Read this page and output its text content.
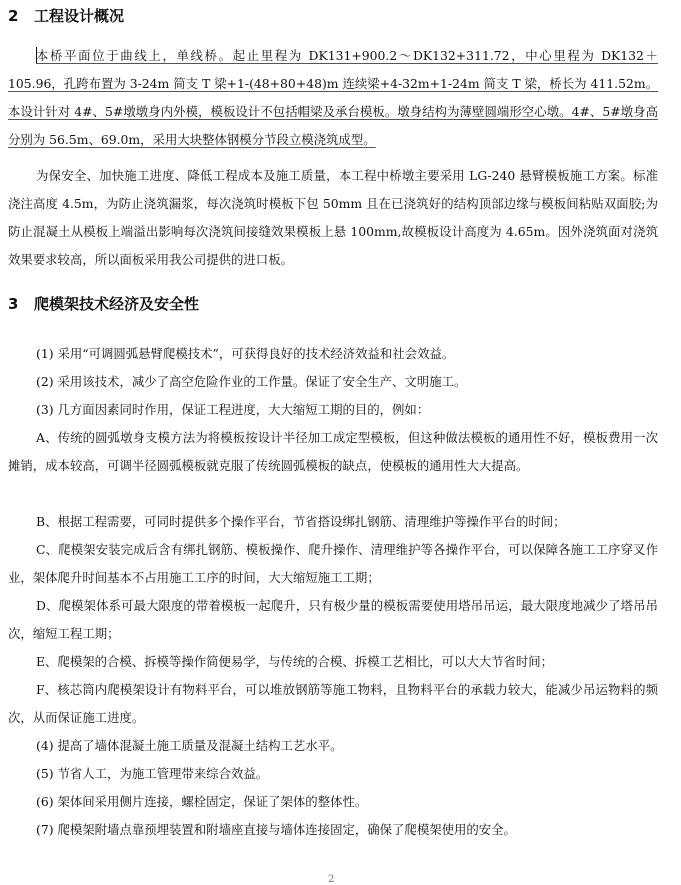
2 工程设计概况

本桥平面位于曲线上，单线桥。起止里程为 DK131+900.2～DK132+311.72，中心里程为 DK132＋105.96，孔跨布置为 3-24m 简支 T 梁+1-(48+80+48)m 连续梁+4-32m+1-24m 简支 T 梁，桥长为 411.52m。本设计针对 4#、5#墩墩身内外模，模板设计不包括帽梁及承台模板。墩身结构为薄壁圆端形空心墩。4#、5#墩身高分别为 56.5m、69.0m，采用大块整体钢模分节段立模浇筑成型。

为保安全、加快施工进度、降低工程成本及施工质量，本工程中桥墩主要采用 LG-240 悬臂模板施工方案。标准浇注高度 4.5m，为防止浇筑漏浆，每次浇筑时模板下包 50mm 且在已浇筑好的结构顶部边缘与模板间粘贴双面胶;为防止混凝土从模板上端溢出影响每次浇筑间接缝效果模板上悬 100mm,故模板设计高度为 4.65m。因外浇筑面对浇筑效果要求较高，所以面板采用我公司提供的进口板。

3 爬模架技术经济及安全性

(1) 采用“可调圆弧悬臂爬模技术”，可获得良好的技术经济效益和社会效益。

(2) 采用该技术，减少了高空危险作业的工作量。保证了安全生产、文明施工。

(3) 几方面因素同时作用，保证工程进度，大大缩短工期的目的，例如：

A、传统的圆弧墩身支模方法为将模板按设计半径加工成定型模板，但这种做法模板的通用性不好，模板费用一次摊销，成本较高，可调半径圆弧模板就克服了传统圆弧模板的缺点，使模板的通用性大大提高。

B、根据工程需要，可同时提供多个操作平台，节省搭设绑扎钢筋、清理维护等操作平台的时间；

C、爬模架安装完成后含有绑扎钢筋、模板操作、爬升操作、清理维护等各操作平台，可以保障各施工工序穿叉作业，架体爬升时间基本不占用施工工序的时间，大大缩短施工工期；

D、爬模架体系可最大限度的带着模板一起爬升，只有极少量的模板需要使用塔吊吊运，最大限度地减少了塔吊吊次，缩短工程工期；

E、爬模架的合模、拆模等操作简便易学，与传统的合模、拆模工艺相比，可以大大节省时间；

F、核芯筒内爬模架设计有物料平台，可以堆放钢筋等施工物料，且物料平台的承载力较大，能减少吊运物料的频次，从而保证施工进度。

(4) 提高了墙体混凝土施工质量及混凝土结构工艺水平。

(5) 节省人工，为施工管理带来综合效益。

(6) 架体间采用侧片连接，螺栓固定，保证了架体的整体性。

(7) 爬模架附墙点靠预埋装置和附墙座直接与墙体连接固定，确保了爬模架使用的安全。

2
